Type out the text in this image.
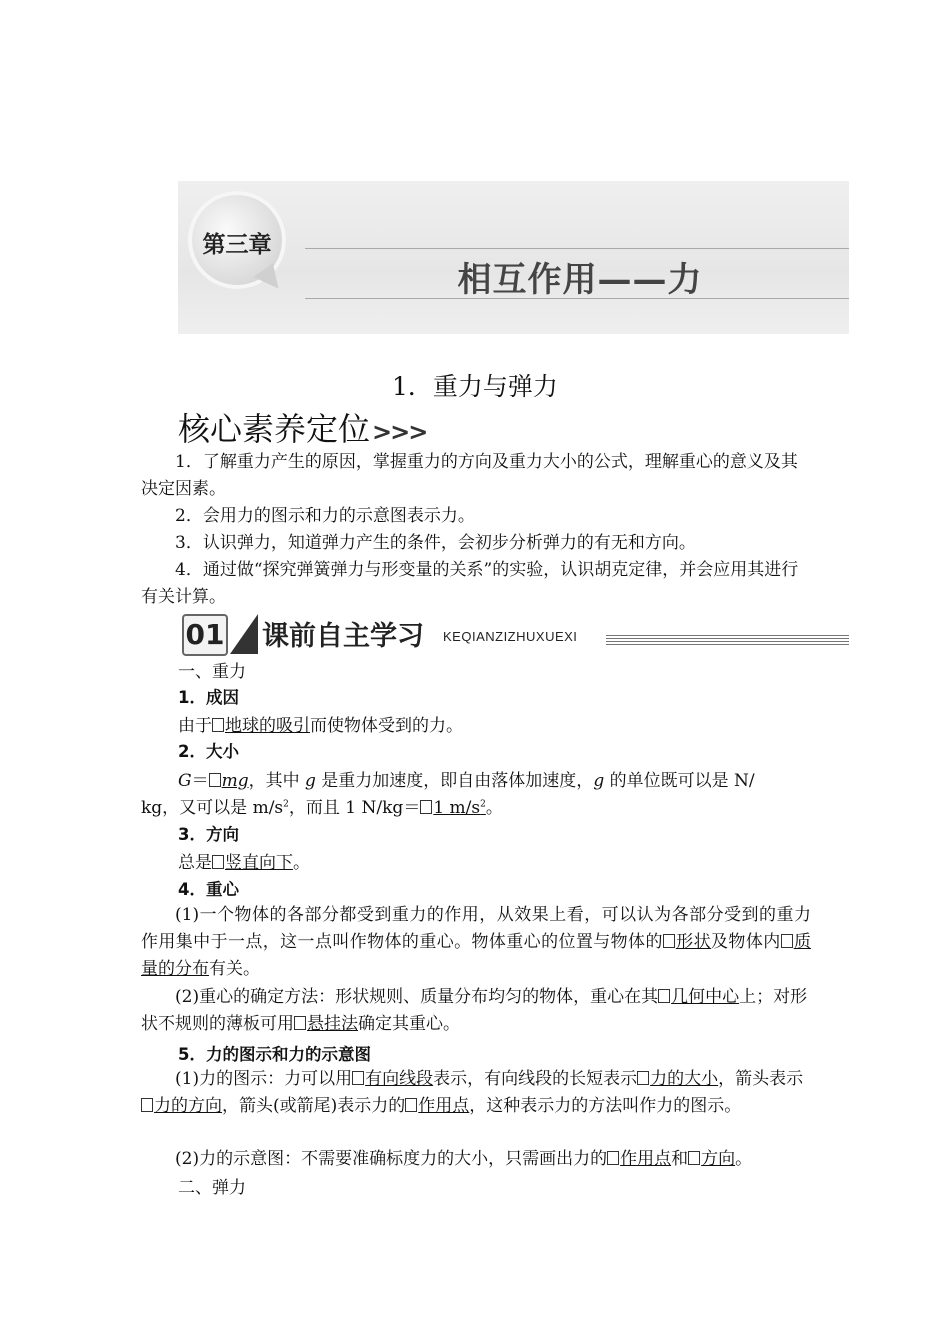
第三章
相互作用——力
1．重力与弹力
核心素养定位>>>
1．了解重力产生的原因，掌握重力的方向及重力大小的公式，理解重心的意义及其决定因素。
2．会用力的图示和力的示意图表示力。
3．认识弹力，知道弹力产生的条件，会初步分析弹力的有无和方向。
4．通过做“探究弹簧弹力与形变量的关系”的实验，认识胡克定律，并会应用其进行有关计算。
01 课前自主学习 KEQIANZIZHUXUEXI
一、重力
1．成因
由于 地球的吸引而使物体受到的力。
2．大小
G＝ mg，其中 g 是重力加速度，即自由落体加速度，g 的单位既可以是 N/
kg，又可以是 $m/s^2$，而且 1 N/kg＝ 1 $m/s^2$。
3．方向
总是 竖直向下。
4．重心
(1)一个物体的各部分都受到重力的作用，从效果上看，可以认为各部分受到的重力作用集中于一点，这一点叫作物体的重心。物体重心的位置与物体的 形状及物体内 质量的分布有关。
(2)重心的确定方法：形状规则、质量分布均匀的物体，重心在其 几何中心上；对形状不规则的薄板可用 悬挂法确定其重心。
5．力的图示和力的示意图
(1)力的图示：力可以用 有向线段表示，有向线段的长短表示 力的大小，箭头表示力的方向，箭头(或箭尾)表示力的 作用点，这种表示力的方法叫作力的图示。
(2)力的示意图：不需要准确标度力的大小，只需画出力的 作用点和 方向。
二、弹力
